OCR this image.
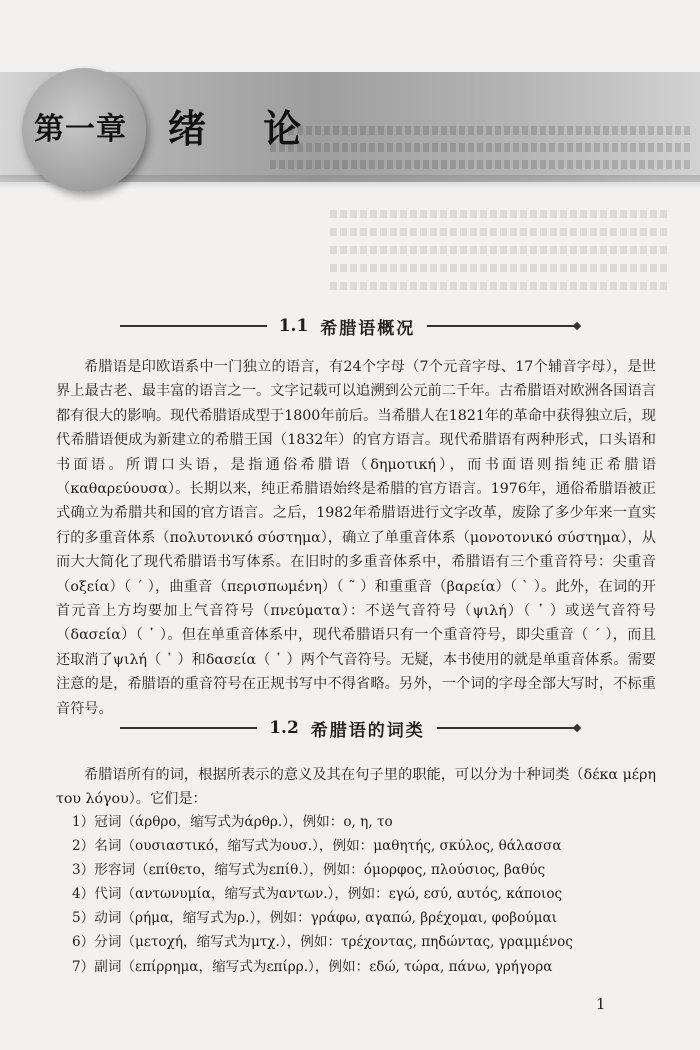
第一章 绪 论
1.1 希腊语概况

希腊语是印欧语系中一门独立的语言，有24个字母（7个元音字母、17个辅音字母），是世界上最古老、最丰富的语言之一。文字记载可以追溯到公元前二千年。古希腊语对欧洲各国语言都有很大的影响。现代希腊语成型于1800年前后。当希腊人在1821年的革命中获得独立后，现代希腊语便成为新建立的希腊王国（1832年）的官方语言。现代希腊语有两种形式，口头语和书面语。所谓口头语，是指通俗希腊语（δημοτική），而书面语则指纯正希腊语（καθαρεύουσα）。长期以来，纯正希腊语始终是希腊的官方语言。1976年，通俗希腊语被正式确立为希腊共和国的官方语言。之后，1982年希腊语进行文字改革，废除了多少年来一直实行的多重音体系（πολυτονικό σύστημα），确立了单重音体系（μονοτονικό σύστημα），从而大大简化了现代希腊语书写体系。在旧时的多重音体系中，希腊语有三个重音符号：尖重音（οξεία）（ ´ ），曲重音（περισπωμένη）（ ῀ ）和重重音（βαρεία）（ ` ）。此外，在词的开首元音上方均要加上气音符号（πνεύματα）：不送气音符号（ψιλή）（ ᾿ ）或送气音符号（δασεία）（ ῾ ）。但在单重音体系中，现代希腊语只有一个重音符号，即尖重音（ ´ ），而且还取消了ψιλή（ ᾿ ）和δασεία（ ῾ ）两个气音符号。无疑，本书使用的就是单重音体系。需要注意的是，希腊语的重音符号在正规书写中不得省略。另外，一个词的字母全部大写时，不标重音符号。

1.2 希腊语的词类

希腊语所有的词，根据所表示的意义及其在句子里的职能，可以分为十种词类（δέκα μέρη του λόγου）。它们是：

1）冠词（άρθρο，缩写式为άρθρ.），例如：ο, η, το
2）名词（ουσιαστικό，缩写式为ουσ.），例如：μαθητής, σκύλος, θάλασσα
3）形容词（επίθετο，缩写式为επίθ.），例如：όμορφος, πλούσιος, βαθύς
4）代词（αντωνυμία，缩写式为αντων.），例如：εγώ, εσύ, αυτός, κάποιος
5）动词（ρήμα，缩写式为ρ.），例如：γράφω, αγαπώ, βρέχομαι, φοβούμαι
6）分词（μετοχή，缩写式为μτχ.），例如：τρέχοντας, πηδώντας, γραμμένος
7）副词（επίρρημα，缩写式为επίρρ.），例如：εδώ, τώρα, πάνω, γρήγορα
1
